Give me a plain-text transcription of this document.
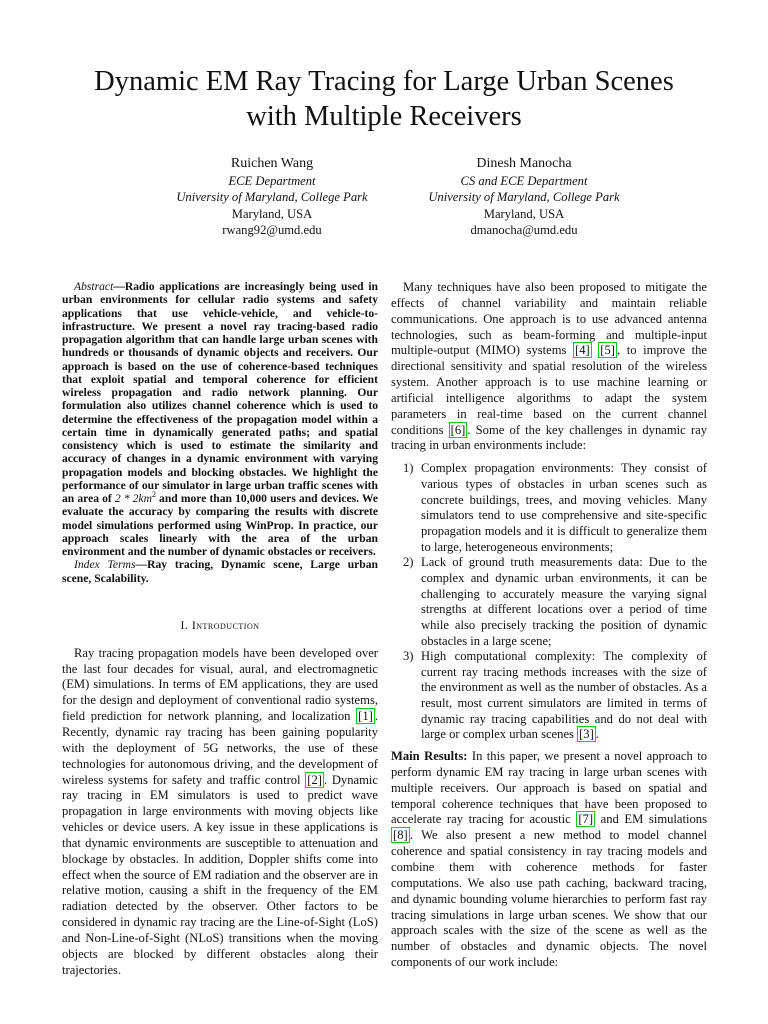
Dynamic EM Ray Tracing for Large Urban Scenes
with Multiple Receivers
Ruichen Wang
ECE Department
University of Maryland, College Park
Maryland, USA
rwang92@umd.edu
Dinesh Manocha
CS and ECE Department
University of Maryland, College Park
Maryland, USA
dmanocha@umd.edu

Abstract—Radio applications are increasingly being used in urban environments for cellular radio systems and safety applications that use vehicle-vehicle, and vehicle-to-infrastructure. We present a novel ray tracing-based radio propagation algorithm that can handle large urban scenes with hundreds or thousands of dynamic objects and receivers. Our approach is based on the use of coherence-based techniques that exploit spatial and temporal coherence for efficient wireless propagation and radio network planning. Our formulation also utilizes channel coherence which is used to determine the effectiveness of the propagation model within a certain time in dynamically generated paths; and spatial consistency which is used to estimate the similarity and accuracy of changes in a dynamic environment with varying propagation models and blocking obstacles. We highlight the performance of our simulator in large urban traffic scenes with an area of $2 * 2km^2$ and more than 10,000 users and devices. We evaluate the accuracy by comparing the results with discrete model simulations performed using WinProp. In practice, our approach scales linearly with the area of the urban environment and the number of dynamic obstacles or receivers.

Index Terms—Ray tracing, Dynamic scene, Large urban scene, Scalability.

I. Introduction

Ray tracing propagation models have been developed over the last four decades for visual, aural, and electromagnetic (EM) simulations. In terms of EM applications, they are used for the design and deployment of conventional radio systems, field prediction for network planning, and localization [1] . Recently, dynamic ray tracing has been gaining popularity with the deployment of 5G networks, the use of these technologies for autonomous driving, and the development of wireless systems for safety and traffic control [2] . Dynamic ray tracing in EM simulators is used to predict wave propagation in large environments with moving objects like vehicles or device users. A key issue in these applications is that dynamic environments are susceptible to attenuation and blockage by obstacles. In addition, Doppler shifts come into effect when the source of EM radiation and the observer are in relative motion, causing a shift in the frequency of the EM radiation detected by the observer. Other factors to be considered in dynamic ray tracing are the Line-of-Sight (LoS) and Non-Line-of-Sight (NLoS) transitions when the moving objects are blocked by different obstacles along their trajectories.

Many techniques have also been proposed to mitigate the effects of channel variability and maintain reliable communications. One approach is to use advanced antenna technologies, such as beam-forming and multiple-input multiple-output (MIMO) systems [4] [5] , to improve the directional sensitivity and spatial resolution of the wireless system. Another approach is to use machine learning or artificial intelligence algorithms to adapt the system parameters in real-time based on the current channel conditions [6] . Some of the key challenges in dynamic ray tracing in urban environments include:

1) Complex propagation environments: They consist of various types of obstacles in urban scenes such as concrete buildings, trees, and moving vehicles. Many simulators tend to use comprehensive and site-specific propagation models and it is difficult to generalize them to large, heterogeneous environments;
2) Lack of ground truth measurements data: Due to the complex and dynamic urban environments, it can be challenging to accurately measure the varying signal strengths at different locations over a period of time while also precisely tracking the position of dynamic obstacles in a large scene;
3) High computational complexity: The complexity of current ray tracing methods increases with the size of the environment as well as the number of obstacles. As a result, most current simulators are limited in terms of dynamic ray tracing capabilities and do not deal with large or complex urban scenes [3] .

Main Results: In this paper, we present a novel approach to perform dynamic EM ray tracing in large urban scenes with multiple receivers. Our approach is based on spatial and temporal coherence techniques that have been proposed to accelerate ray tracing for acoustic [7] and EM simulations [8] . We also present a new method to model channel coherence and spatial consistency in ray tracing models and combine them with coherence methods for faster computations. We also use path caching, backward tracing, and dynamic bounding volume hierarchies to perform fast ray tracing simulations in large urban scenes. We show that our approach scales with the size of the scene as well as the number of obstacles and dynamic objects. The novel components of our work include:
